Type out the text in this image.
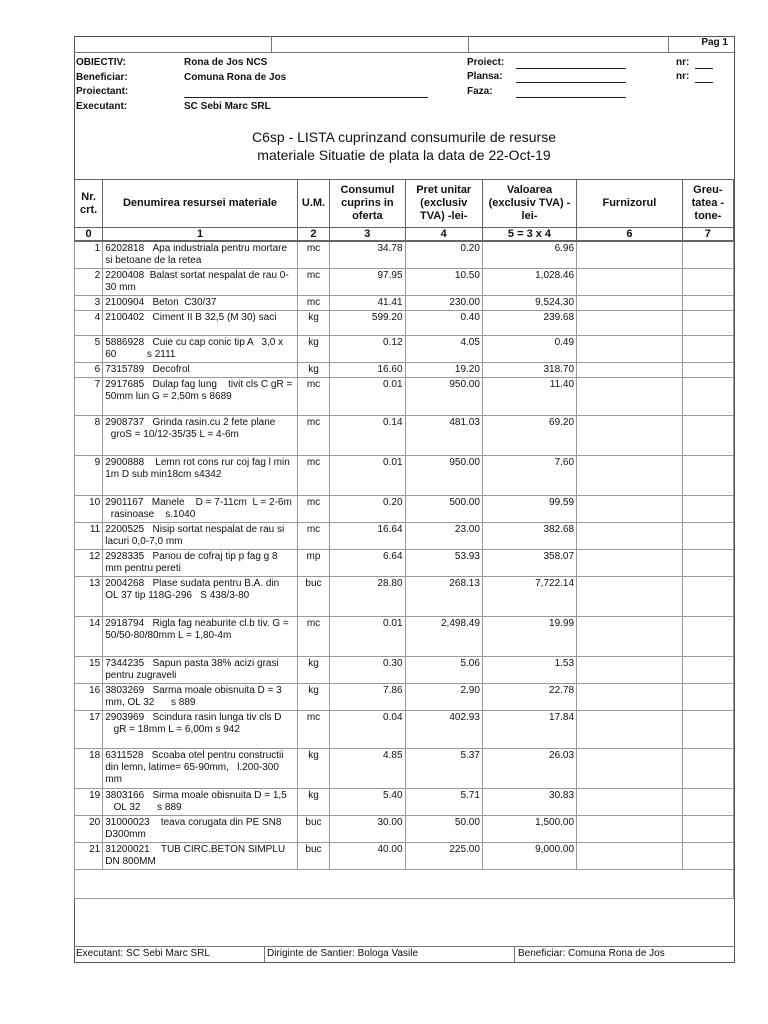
Pag 1
OBIECTIV:	Rona de Jos NCS
Beneficiar:	Comuna Rona de Jos
Proiectant:
Executant:	SC Sebi Marc SRL
Proiect:
Plansa:
Faza:
nr:
nr:
C6sp - LISTA cuprinzand consumurile de resurse
materiale Situatie de plata la data de 22-Oct-19
Nr. crt.	Denumirea resursei materiale	U.M.	Consumul cuprins in oferta	Pret unitar (exclusiv TVA) -lei-	Valoarea (exclusiv TVA) -lei-	Furnizorul	Greu- tatea -tone-
0	1	2	3	4	5 = 3 x 4	6	7
1	6202818   Apa industriala pentru mortare si betoane de la retea	mc	34.78	0.20	6.96		
2	2200408  Balast sortat nespalat de rau 0-30 mm	mc	97.95	10.50	1,028.46		
3	2100904   Beton  C30/37	mc	41.41	230.00	9,524.30		
4	2100402   Ciment II B 32,5 (M 30) saci	kg	599.20	0.40	239.68		
5	5886928   Cuie cu cap conic tip A   3,0 x 60           s 2111	kg	0.12	4.05	0.49		
6	7315789   Decofrol	kg	16.60	19.20	318.70		
7	2917685   Dulap fag lung    tivit cls C gR = 50mm lun G = 2,50m s 8689	mc	0.01	950.00	11.40		
8	2908737   Grinda rasin.cu 2 fete plane   groS = 10/12-35/35 L = 4-6m	mc	0.14	481.03	69.20		
9	2900888    Lemn rot cons rur coj fag l min 1m D sub min18cm s4342	mc	0.01	950.00	7.60		
10	2901167   Manele    D = 7-11cm  L = 2-6m   rasinoase    s.1040	mc	0.20	500.00	99.59		
11	2200525   Nisip sortat nespalat de rau si lacuri 0,0-7,0 mm	mc	16.64	23.00	382.68		
12	2928335   Panou de cofraj tip p fag g 8 mm pentru pereti	mp	6.64	53.93	358.07		
13	2004268   Plase sudata pentru B.A. din OL 37 tip 118G-296   S 438/3-80	buc	28.80	268.13	7,722.14		
14	2918794   Rigla fag neaburite cl.b tiv. G = 50/50-80/80mm L = 1,80-4m	mc	0.01	2,498.49	19.99		
15	7344235   Sapun pasta 38% acizi grasi pentru zugraveli	kg	0.30	5.06	1.53		
16	3803269   Sarma moale obisnuita D = 3 mm, OL 32      s 889	kg	7.86	2.90	22.78		
17	2903969   Scindura rasin lunga tiv cls D    gR = 18mm L = 6,00m s 942	mc	0.04	402.93	17.84		
18	6311528   Scoaba otel pentru constructii din lemn, latime= 65-90mm,   l.200-300 mm	kg	4.85	5.37	26.03		
19	3803166   Sirma moale obisnuita D = 1,5    OL 32      s 889	kg	5.40	5.71	30.83		
20	31000023    teava corugata din PE SN8 D300mm	buc	30.00	50.00	1,500.00		
21	31200021    TUB CIRC.BETON SIMPLU DN 800MM	buc	40.00	225.00	9,000.00		

Executant: SC Sebi Marc SRL	Diriginte de Santier: Bologa Vasile	Beneficiar: Comuna Rona de Jos
